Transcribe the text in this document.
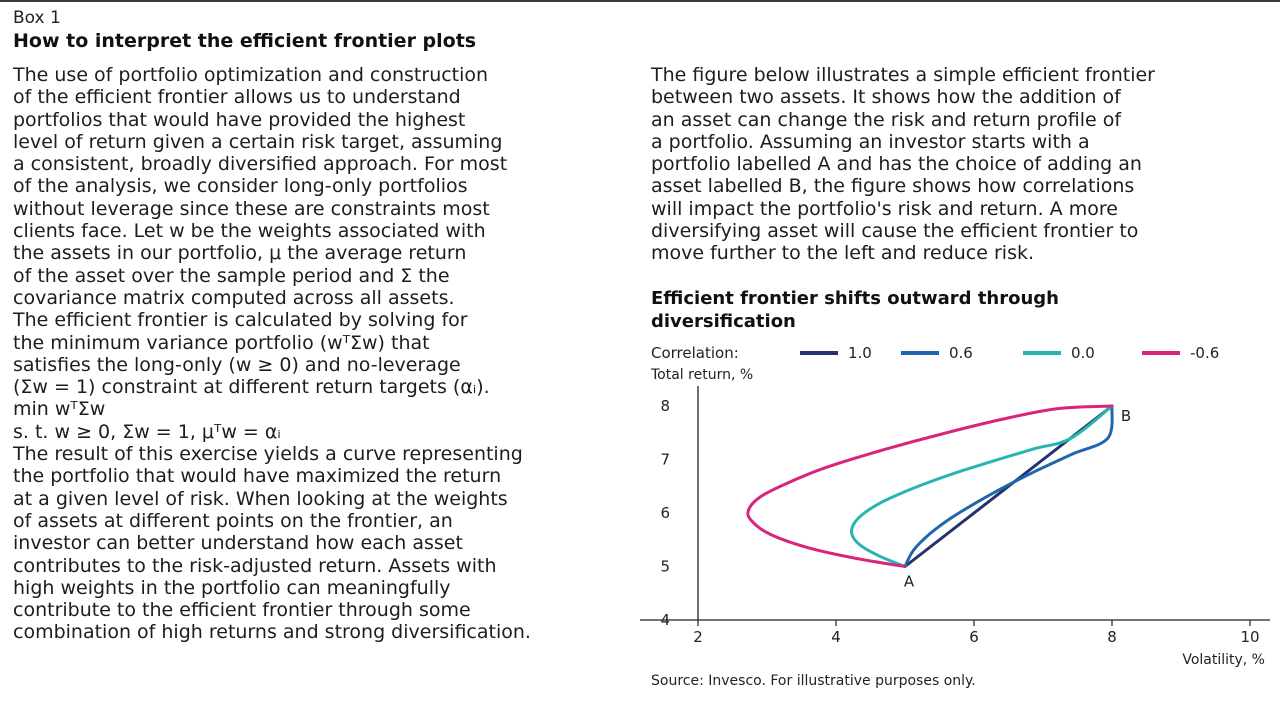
Box 1
How to interpret the efficient frontier plots

The use of portfolio optimization and construction
of the efficient frontier allows us to understand
portfolios that would have provided the highest
level of return given a certain risk target, assuming
a consistent, broadly diversified approach. For most
of the analysis, we consider long-only portfolios
without leverage since these are constraints most
clients face. Let w be the weights associated with
the assets in our portfolio, μ the average return
of the asset over the sample period and Σ the
covariance matrix computed across all assets.
The efficient frontier is calculated by solving for
the minimum variance portfolio (wᵀΣw) that
satisfies the long-only (w ≥ 0) and no-leverage
(Σw = 1) constraint at different return targets (αᵢ).

min wᵀΣw
s. t. w ≥ 0, Σw = 1, μᵀw = αᵢ

The result of this exercise yields a curve representing
the portfolio that would have maximized the return
at a given level of risk. When looking at the weights
of assets at different points on the frontier, an
investor can better understand how each asset
contributes to the risk-adjusted return. Assets with
high weights in the portfolio can meaningfully
contribute to the efficient frontier through some
combination of high returns and strong diversification.

The figure below illustrates a simple efficient frontier
between two assets. It shows how the addition of
an asset can change the risk and return profile of
a portfolio. Assuming an investor starts with a
portfolio labelled A and has the choice of adding an
asset labelled B, the figure shows how correlations
will impact the portfolio's risk and return. A more
diversifying asset will cause the efficient frontier to
move further to the left and reduce risk.

Efficient frontier shifts outward through
diversification
Correlation:	1.0	0.6	0.0	-0.6
Total return, %
4
5
6
7
8
2	4	6	8	10
Volatility, %
A
B
Source: Invesco. For illustrative purposes only.
